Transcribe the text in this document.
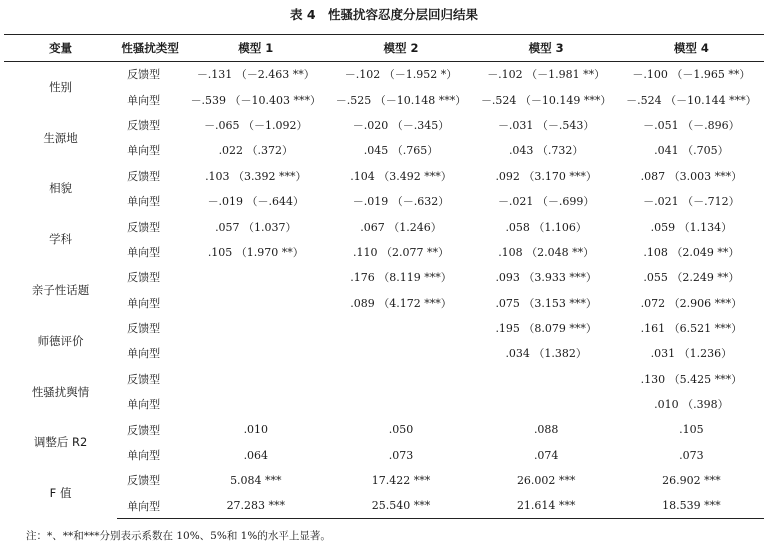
表 4　性骚扰容忍度分层回归结果
变量	性骚扰类型	模型 1	模型 2	模型 3	模型 4
性别	反馈型	－.131 （－2.463 **）	－.102 （－1.952 *）	－.102 （－1.981 **）	－.100 （－1.965 **）
	单向型	－.539 （－10.403 ***）	－.525 （－10.148 ***）	－.524 （－10.149 ***）	－.524 （－10.144 ***）
生源地	反馈型	－.065 （－1.092）	－.020 （－.345）	－.031 （－.543）	－.051 （－.896）
	单向型	.022 （.372）	.045 （.765）	.043 （.732）	.041 （.705）
相貌	反馈型	.103 （3.392 ***）	.104 （3.492 ***）	.092 （3.170 ***）	.087 （3.003 ***）
	单向型	－.019 （－.644）	－.019 （－.632）	－.021 （－.699）	－.021 （－.712）
学科	反馈型	.057 （1.037）	.067 （1.246）	.058 （1.106）	.059 （1.134）
	单向型	.105 （1.970 **）	.110 （2.077 **）	.108 （2.048 **）	.108 （2.049 **）
亲子性话题	反馈型		.176 （8.119 ***）	.093 （3.933 ***）	.055 （2.249 **）
	单向型		.089 （4.172 ***）	.075 （3.153 ***）	.072 （2.906 ***）
师德评价	反馈型			.195 （8.079 ***）	.161 （6.521 ***）
	单向型			.034 （1.382）	.031 （1.236）
性骚扰舆情	反馈型				.130 （5.425 ***）
	单向型				.010 （.398）
调整后 R2	反馈型	.010	.050	.088	.105
	单向型	.064	.073	.074	.073
F 值	反馈型	5.084 ***	17.422 ***	26.002 ***	26.902 ***
	单向型	27.283 ***	25.540 ***	21.614 ***	18.539 ***
注：*、**和***分别表示系数在 10%、5%和 1%的水平上显著。
